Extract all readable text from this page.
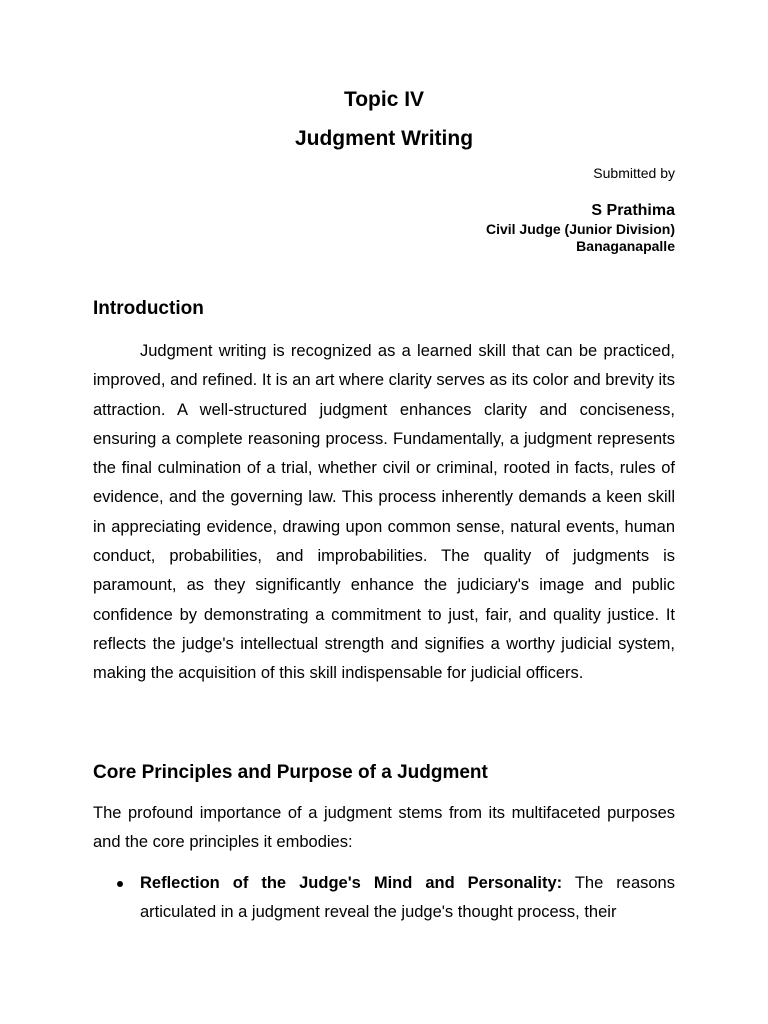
Topic IV
Judgment Writing
Submitted by
S Prathima
Civil Judge (Junior Division)
Banaganapalle
Introduction

Judgment writing is recognized as a learned skill that can be practiced, improved, and refined. It is an art where clarity serves as its color and brevity its attraction. A well-structured judgment enhances clarity and conciseness, ensuring a complete reasoning process. Fundamentally, a judgment represents the final culmination of a trial, whether civil or criminal, rooted in facts, rules of evidence, and the governing law. This process inherently demands a keen skill in appreciating evidence, drawing upon common sense, natural events, human conduct, probabilities, and improbabilities. The quality of judgments is paramount, as they significantly enhance the judiciary's image and public confidence by demonstrating a commitment to just, fair, and quality justice. It reflects the judge's intellectual strength and signifies a worthy judicial system, making the acquisition of this skill indispensable for judicial officers.

Core Principles and Purpose of a Judgment

The profound importance of a judgment stems from its multifaceted purposes and the core principles it embodies:

Reflection of the Judge's Mind and Personality: The reasons articulated in a judgment reveal the judge's thought process, their
